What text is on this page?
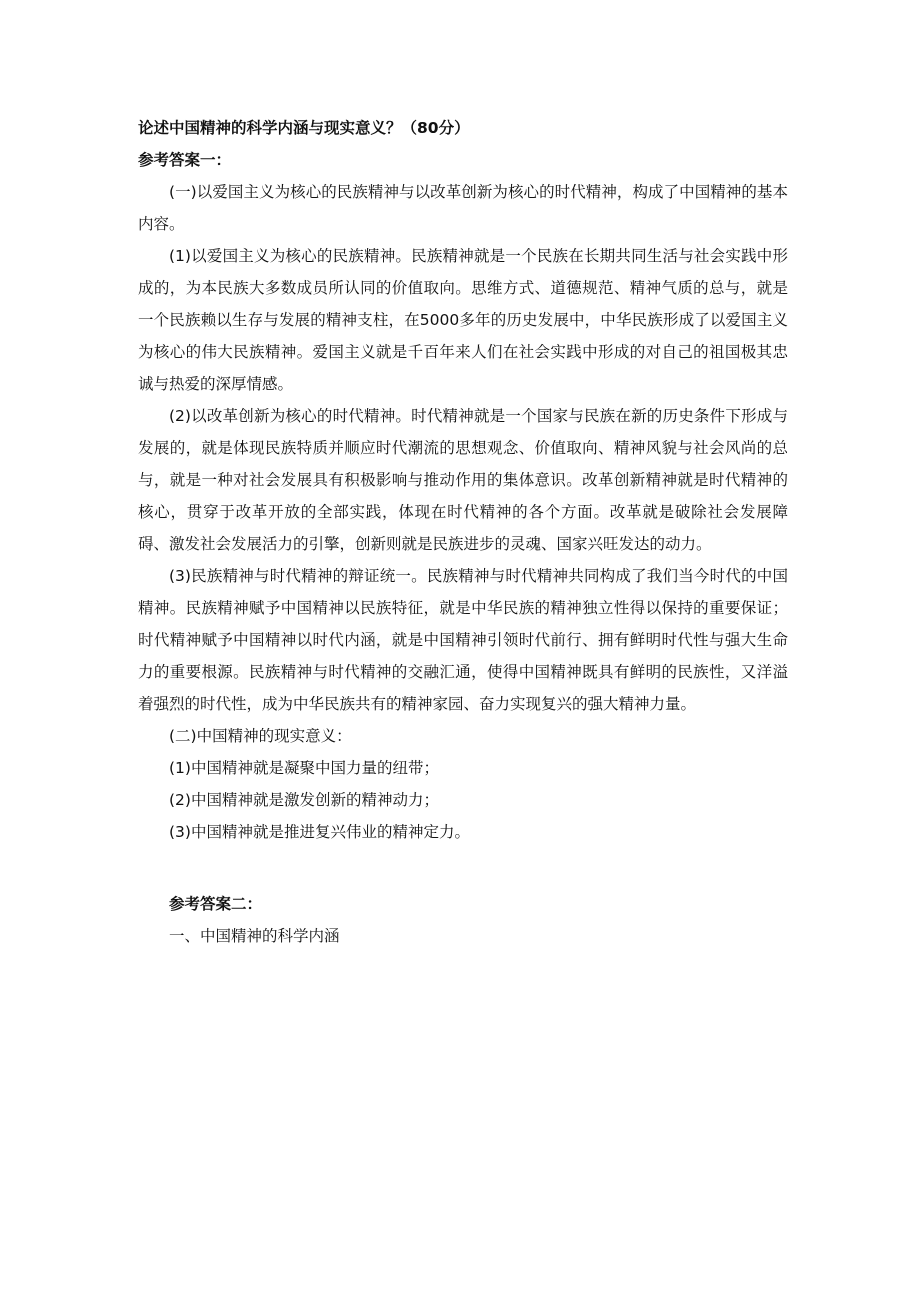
论述中国精神的科学内涵与现实意义？（80分）

参考答案一：

(一)以爱国主义为核心的民族精神与以改革创新为核心的时代精神，构成了中国精神的基本内容。

(1)以爱国主义为核心的民族精神。民族精神就是一个民族在长期共同生活与社会实践中形成的，为本民族大多数成员所认同的价值取向。思维方式、道德规范、精神气质的总与，就是一个民族赖以生存与发展的精神支柱，在5000多年的历史发展中，中华民族形成了以爱国主义为核心的伟大民族精神。爱国主义就是千百年来人们在社会实践中形成的对自己的祖国极其忠诚与热爱的深厚情感。

(2)以改革创新为核心的时代精神。时代精神就是一个国家与民族在新的历史条件下形成与发展的，就是体现民族特质并顺应时代潮流的思想观念、价值取向、精神风貌与社会风尚的总与，就是一种对社会发展具有积极影响与推动作用的集体意识。改革创新精神就是时代精神的核心，贯穿于改革开放的全部实践，体现在时代精神的各个方面。改革就是破除社会发展障碍、激发社会发展活力的引擎，创新则就是民族进步的灵魂、国家兴旺发达的动力。

(3)民族精神与时代精神的辩证统一。民族精神与时代精神共同构成了我们当今时代的中国精神。民族精神赋予中国精神以民族特征，就是中华民族的精神独立性得以保持的重要保证；时代精神赋予中国精神以时代内涵，就是中国精神引领时代前行、拥有鲜明时代性与强大生命力的重要根源。民族精神与时代精神的交融汇通，使得中国精神既具有鲜明的民族性，又洋溢着强烈的时代性，成为中华民族共有的精神家园、奋力实现复兴的强大精神力量。

(二)中国精神的现实意义：

(1)中国精神就是凝聚中国力量的纽带；

(2)中国精神就是激发创新的精神动力；

(3)中国精神就是推进复兴伟业的精神定力。

参考答案二：

一、中国精神的科学内涵
